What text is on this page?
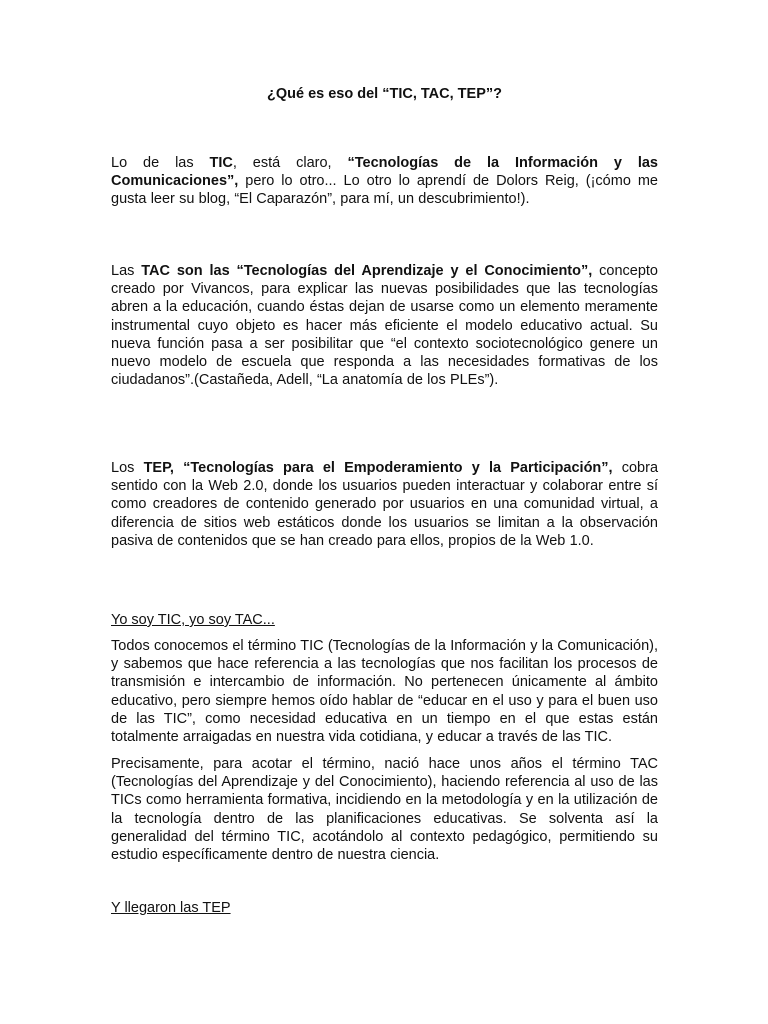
¿Qué es eso del “TIC, TAC, TEP”?

Lo de las TIC, está claro, “Tecnologías de la Información y las Comunicaciones”, pero lo otro... Lo otro lo aprendí de Dolors Reig, (¡cómo me gusta leer su blog, “El Caparazón”, para mí, un descubrimiento!).

Las TAC son las “Tecnologías del Aprendizaje y el Conocimiento”, concepto creado por Vivancos, para explicar las nuevas posibilidades que las tecnologías abren a la educación, cuando éstas dejan de usarse como un elemento meramente instrumental cuyo objeto es hacer más eficiente el modelo educativo actual. Su nueva función pasa a ser posibilitar que “el contexto sociotecnológico genere un nuevo modelo de escuela que responda a las necesidades formativas de los ciudadanos”.(Castañeda, Adell, “La anatomía de los PLEs”).

Los TEP, “Tecnologías para el Empoderamiento y la Participación”, cobra sentido con la Web 2.0, donde los usuarios pueden interactuar y colaborar entre sí como creadores de contenido generado por usuarios en una comunidad virtual, a diferencia de sitios web estáticos donde los usuarios se limitan a la observación pasiva de contenidos que se han creado para ellos, propios de la Web 1.0.

Yo soy TIC, yo soy TAC...

Todos conocemos el término TIC (Tecnologías de la Información y la Comunicación), y sabemos que hace referencia a las tecnologías que nos facilitan los procesos de transmisión e intercambio de información. No pertenecen únicamente al ámbito educativo, pero siempre hemos oído hablar de “educar en el uso y para el buen uso de las TIC”, como necesidad educativa en un tiempo en el que estas están totalmente arraigadas en nuestra vida cotidiana, y educar a través de las TIC.

Precisamente, para acotar el término, nació hace unos años el término TAC (Tecnologías del Aprendizaje y del Conocimiento), haciendo referencia al uso de las TICs como herramienta formativa, incidiendo en la metodología y en la utilización de la tecnología dentro de las planificaciones educativas. Se solventa así la generalidad del término TIC, acotándolo al contexto pedagógico, permitiendo su estudio específicamente dentro de nuestra ciencia.

Y llegaron las TEP
